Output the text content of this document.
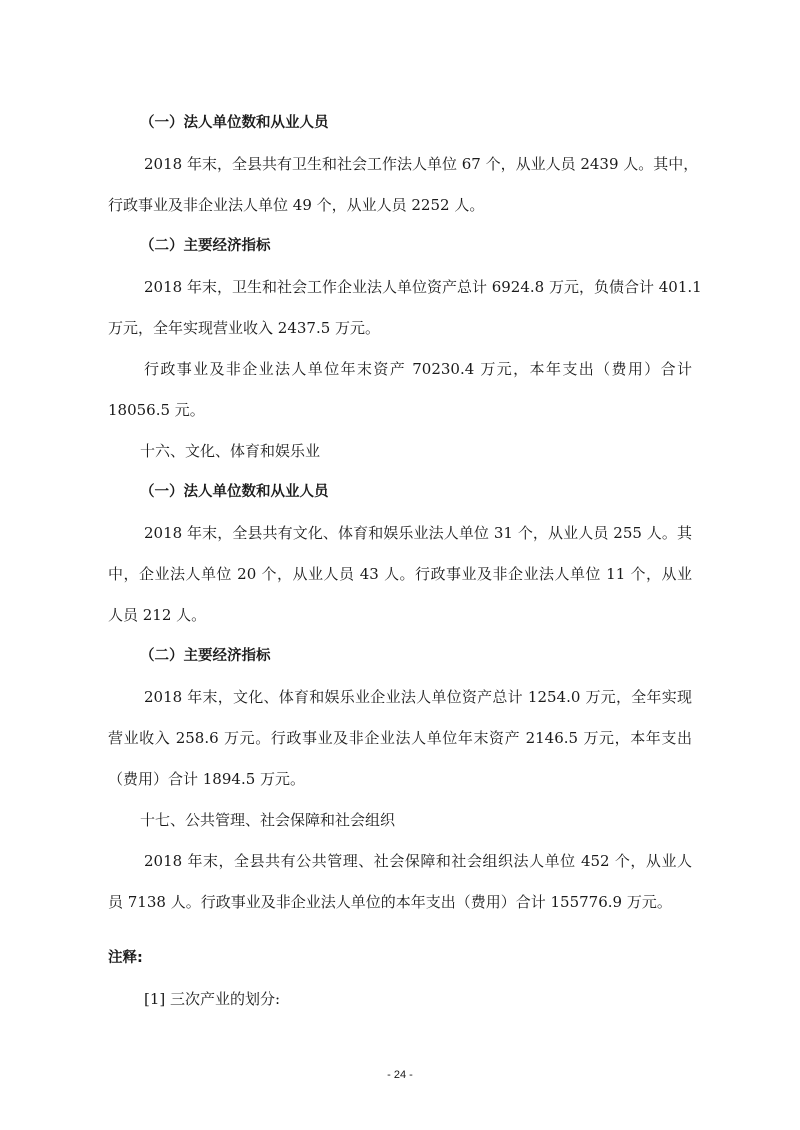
（一）法人单位数和从业人员
2018 年末，全县共有卫生和社会工作法人单位 67 个，从业人员 2439 人。其中，
行政事业及非企业法人单位 49 个，从业人员 2252 人。
（二）主要经济指标
2018 年末，卫生和社会工作企业法人单位资产总计 6924.8 万元，负债合计 401.1
万元，全年实现营业收入 2437.5 万元。
行政事业及非企业法人单位年末资产 70230.4 万元，本年支出（费用）合计
18056.5 元。
十六、文化、体育和娱乐业
（一）法人单位数和从业人员
2018 年末，全县共有文化、体育和娱乐业法人单位 31 个，从业人员 255 人。其
中，企业法人单位 20 个，从业人员 43 人。行政事业及非企业法人单位 11 个，从业
人员 212 人。
（二）主要经济指标
2018 年末，文化、体育和娱乐业企业法人单位资产总计 1254.0 万元，全年实现
营业收入 258.6 万元。行政事业及非企业法人单位年末资产 2146.5 万元，本年支出
（费用）合计 1894.5 万元。
十七、公共管理、社会保障和社会组织
2018 年末，全县共有公共管理、社会保障和社会组织法人单位 452 个，从业人
员 7138 人。行政事业及非企业法人单位的本年支出（费用）合计 155776.9 万元。
注释:
[1] 三次产业的划分:
- 24 -
